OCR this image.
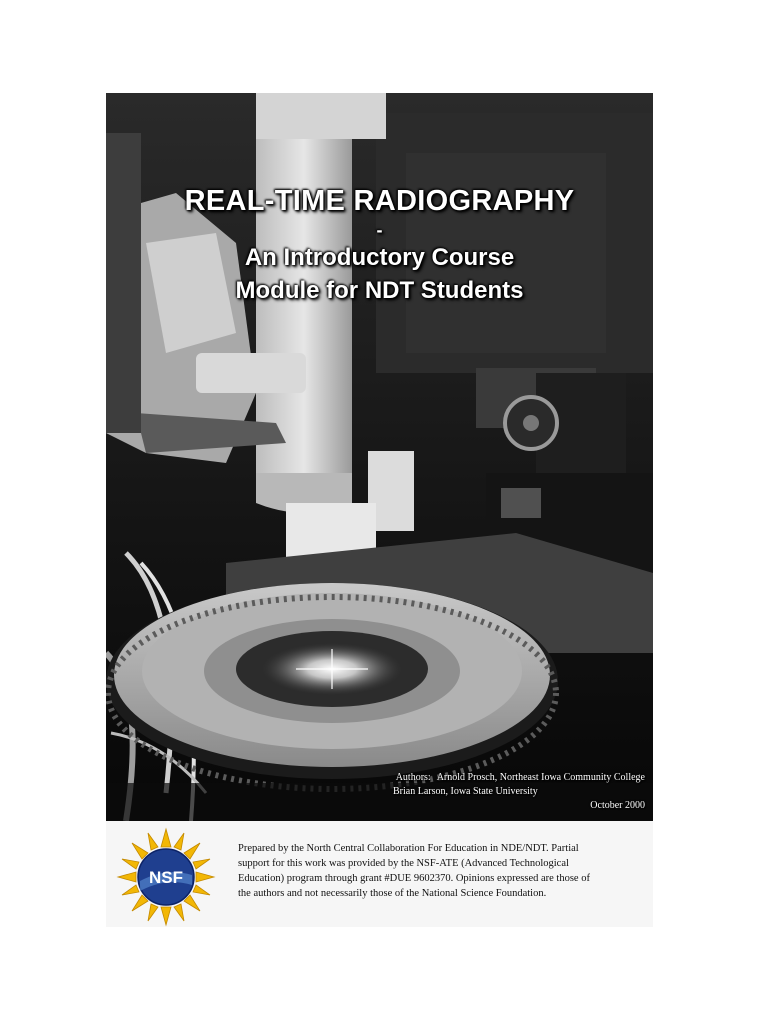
REAL-TIME RADIOGRAPHY
-
An Introductory Course
Module for NDT Students
Authors: Arnold Prosch, Northeast Iowa Community College
Brian Larson, Iowa State University
October 2000
NSF
Prepared by the North Central Collaboration For Education in NDE/NDT. Partial
support for this work was provided by the NSF-ATE (Advanced Technological
Education) program through grant #DUE 9602370. Opinions expressed are those of
the authors and not necessarily those of the National Science Foundation.
